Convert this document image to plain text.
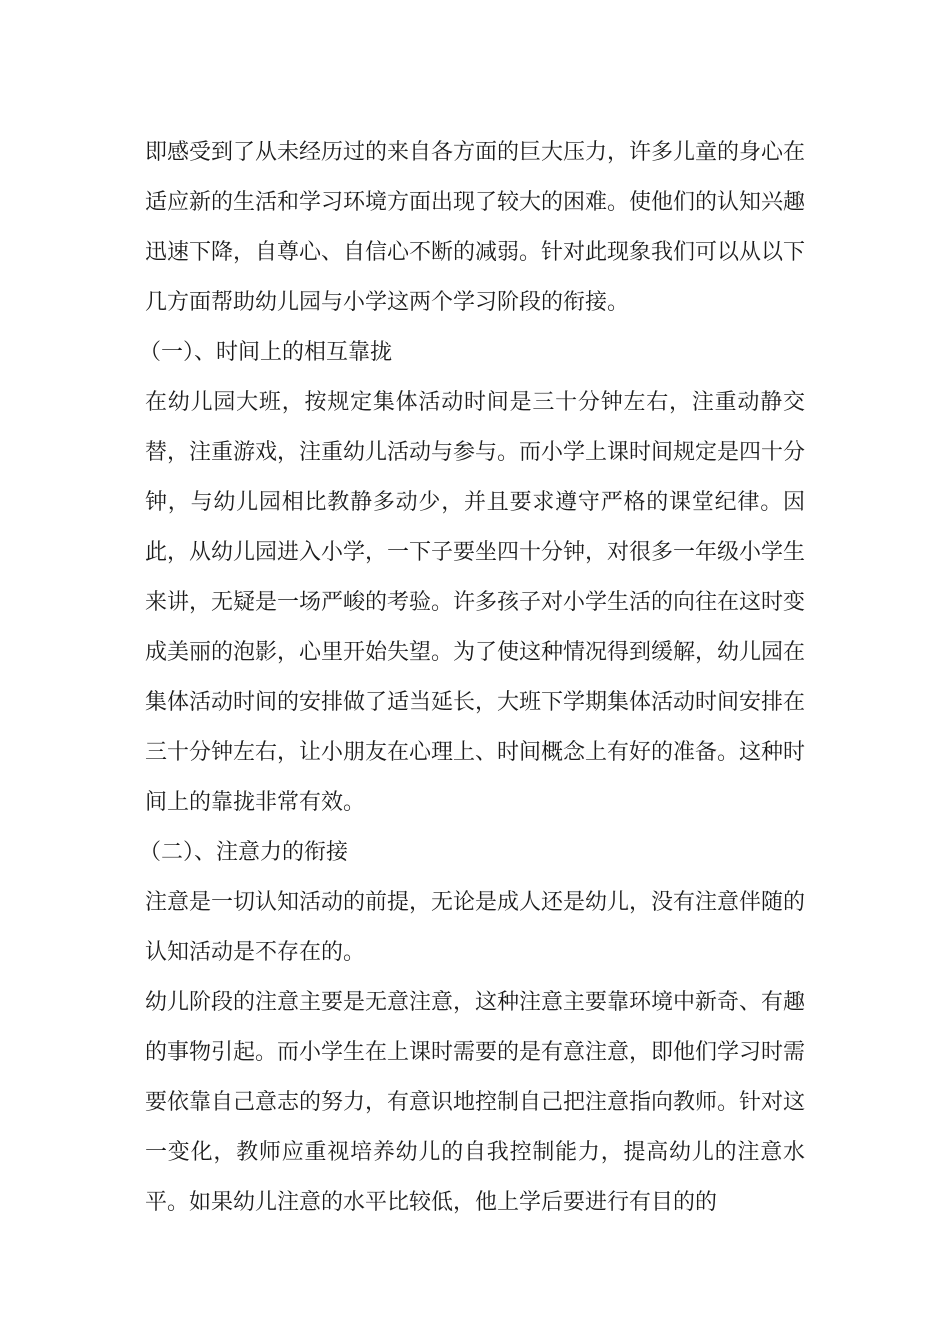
即感受到了从未经历过的来自各方面的巨大压力，许多儿童的身心在适应新的生活和学习环境方面出现了较大的困难。使他们的认知兴趣迅速下降，自尊心、自信心不断的减弱。针对此现象我们可以从以下几方面帮助幼儿园与小学这两个学习阶段的衔接。

（一）、时间上的相互靠拢

在幼儿园大班，按规定集体活动时间是三十分钟左右，注重动静交替，注重游戏，注重幼儿活动与参与。而小学上课时间规定是四十分钟，与幼儿园相比教静多动少，并且要求遵守严格的课堂纪律。因此，从幼儿园进入小学，一下子要坐四十分钟，对很多一年级小学生来讲，无疑是一场严峻的考验。许多孩子对小学生活的向往在这时变成美丽的泡影，心里开始失望。为了使这种情况得到缓解，幼儿园在集体活动时间的安排做了适当延长，大班下学期集体活动时间安排在三十分钟左右，让小朋友在心理上、时间概念上有好的准备。这种时间上的靠拢非常有效。

（二）、注意力的衔接

注意是一切认知活动的前提，无论是成人还是幼儿，没有注意伴随的认知活动是不存在的。

幼儿阶段的注意主要是无意注意，这种注意主要靠环境中新奇、有趣的事物引起。而小学生在上课时需要的是有意注意，即他们学习时需要依靠自己意志的努力，有意识地控制自己把注意指向教师。针对这一变化，教师应重视培养幼儿的自我控制能力，提高幼儿的注意水平。如果幼儿注意的水平比较低，他上学后要进行有目的的
